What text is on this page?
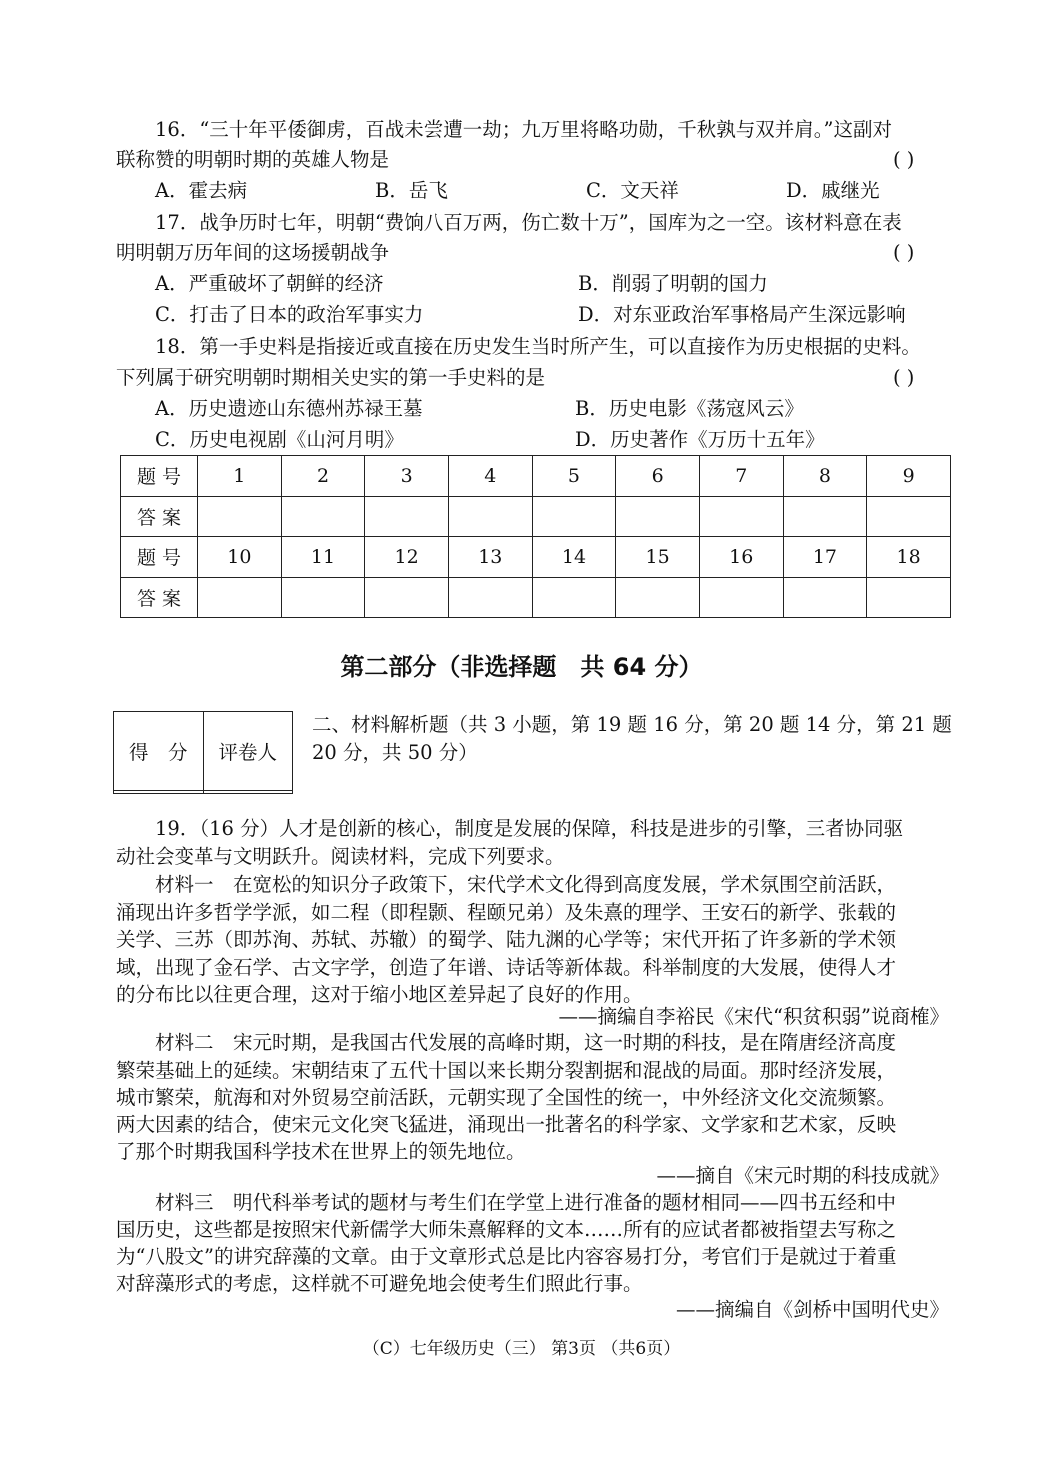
16．“三十年平倭御虏，百战未尝遭一劫；九万里将略功勋，千秋孰与双并肩。”这副对
联称赞的明朝时期的英雄人物是	( )
A．霍去病	B．岳飞	C．文天祥	D．戚继光
17．战争历时七年，明朝“费饷八百万两，伤亡数十万”，国库为之一空。该材料意在表
明明朝万历年间的这场援朝战争	( )
A．严重破坏了朝鲜的经济	B．削弱了明朝的国力
C．打击了日本的政治军事实力	D．对东亚政治军事格局产生深远影响
18．第一手史料是指接近或直接在历史发生当时所产生，可以直接作为历史根据的史料。
下列属于研究明朝时期相关史实的第一手史料的是	( )
A．历史遗迹山东德州苏禄王墓	B．历史电影《荡寇风云》
C．历史电视剧《山河月明》	D．历史著作《万历十五年》
题 号	1	2	3	4	5	6	7	8	9
答 案									
题 号	10	11	12	13	14	15	16	17	18
答 案									
第二部分（非选择题　共 64 分）
得　分	评卷人

二、材料解析题（共 3 小题，第 19 题 16 分，第 20 题 14 分，第 21 题
20 分，共 50 分）
19．（16 分）人才是创新的核心，制度是发展的保障，科技是进步的引擎，三者协同驱
动社会变革与文明跃升。阅读材料，完成下列要求。
材料一　在宽松的知识分子政策下，宋代学术文化得到高度发展，学术氛围空前活跃，
涌现出许多哲学学派，如二程（即程颢、程颐兄弟）及朱熹的理学、王安石的新学、张载的
关学、三苏（即苏洵、苏轼、苏辙）的蜀学、陆九渊的心学等；宋代开拓了许多新的学术领
域，出现了金石学、古文字学，创造了年谱、诗话等新体裁。科举制度的大发展，使得人才
的分布比以往更合理，这对于缩小地区差异起了良好的作用。
——摘编自李裕民《宋代“积贫积弱”说商榷》
材料二　宋元时期，是我国古代发展的高峰时期，这一时期的科技，是在隋唐经济高度
繁荣基础上的延续。宋朝结束了五代十国以来长期分裂割据和混战的局面。那时经济发展，
城市繁荣，航海和对外贸易空前活跃，元朝实现了全国性的统一，中外经济文化交流频繁。
两大因素的结合，使宋元文化突飞猛进，涌现出一批著名的科学家、文学家和艺术家，反映
了那个时期我国科学技术在世界上的领先地位。
——摘自《宋元时期的科技成就》
材料三　明代科举考试的题材与考生们在学堂上进行准备的题材相同——四书五经和中
国历史，这些都是按照宋代新儒学大师朱熹解释的文本……所有的应试者都被指望去写称之
为“八股文”的讲究辞藻的文章。由于文章形式总是比内容容易打分，考官们于是就过于着重
对辞藻形式的考虑，这样就不可避免地会使考生们照此行事。
——摘编自《剑桥中国明代史》
（C）七年级历史（三） 第3页 （共6页）
